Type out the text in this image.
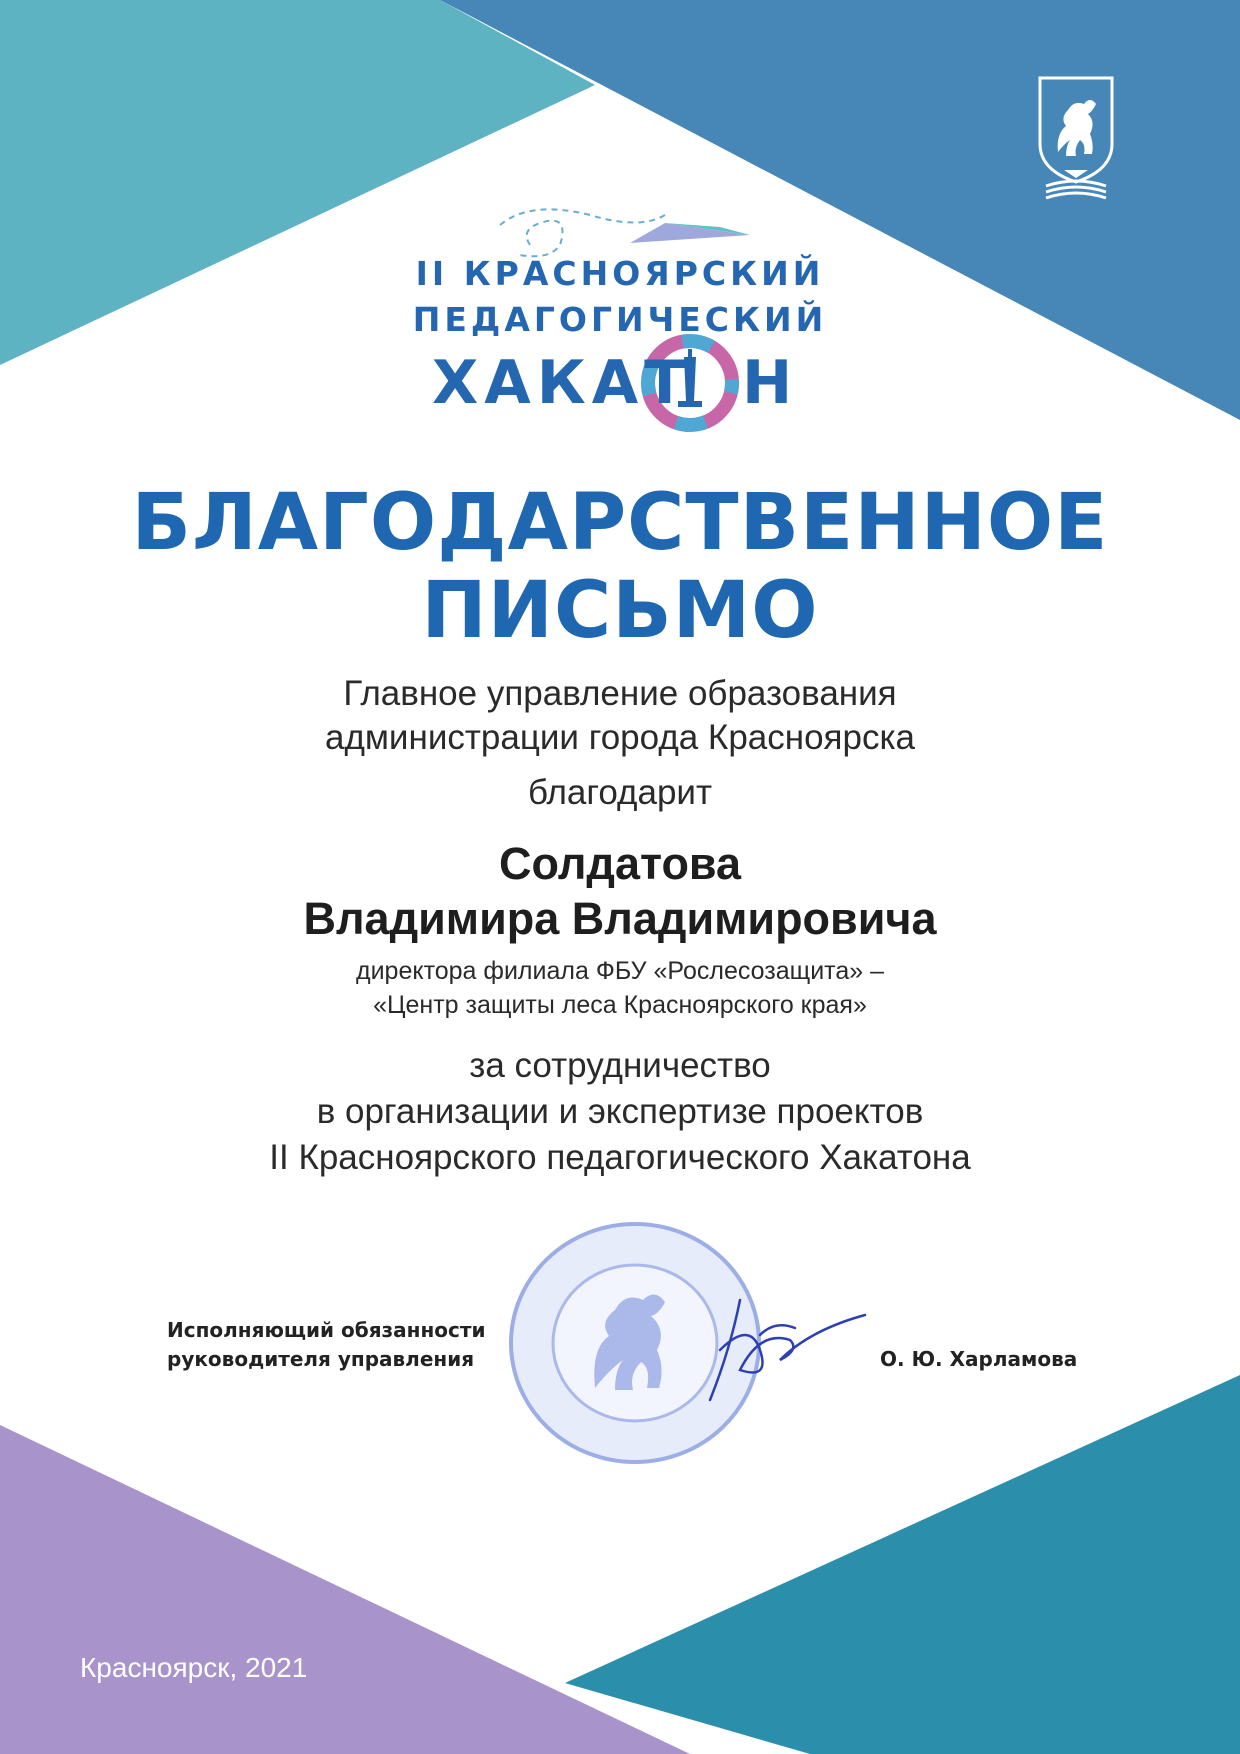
II КРАСНОЯРСКИЙ
ПЕДАГОГИЧЕСКИЙ
ХАКАТ Н
БЛАГОДАРСТВЕННОЕ
ПИСЬМО
Главное управление образования
администрации города Красноярска
благодарит
Солдатова
Владимира Владимировича
директора филиала ФБУ «Рослесозащита» –
«Центр защиты леса Красноярского края»
за сотрудничество
в организации и экспертизе проектов
II Красноярского педагогического Хакатона
Исполняющий обязанности
руководителя управления	О. Ю. Харламова
Красноярск, 2021
